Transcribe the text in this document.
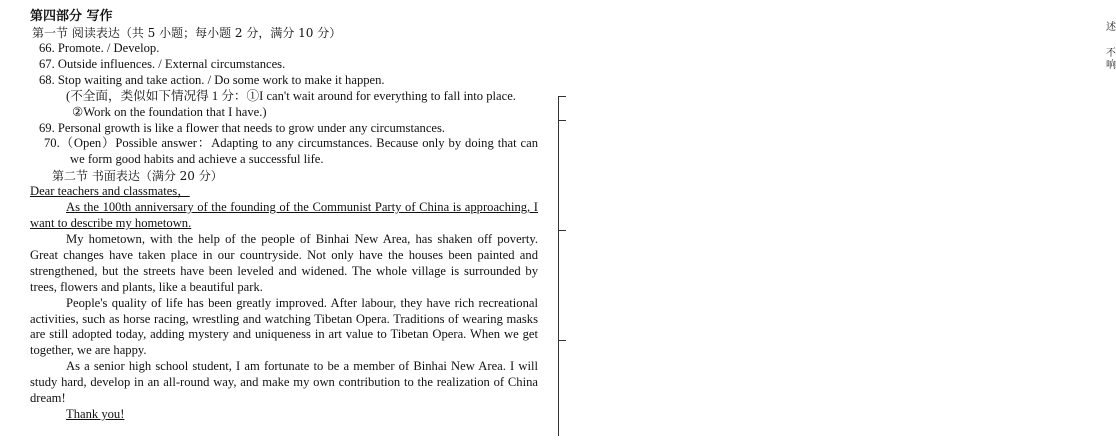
第四部分 写作
第一节 阅读表达（共 5 小题；每小题 2 分，满分 10 分）
66. Promote. / Develop.
67. Outside influences. / External circumstances.
68. Stop waiting and take action. / Do some work to make it happen.
(不全面，类似如下情况得 1 分：①I can't wait around for everything to fall into place. ②Work on the foundation that I have.)
69. Personal growth is like a flower that needs to grow under any circumstances.
70.（Open）Possible answer：Adapting to any circumstances. Because only by doing that can we form good habits and achieve a successful life.
第二节 书面表达（满分 20 分）
Dear teachers and classmates，
As the 100th anniversary of the founding of the Communist Party of China is approaching, I want to describe my hometown.
My hometown, with the help of the people of Binhai New Area, has shaken off poverty. Great changes have taken place in our countryside. Not only have the houses been painted and strengthened, but the streets have been leveled and widened. The whole village is surrounded by trees, flowers and plants, like a beautiful park.
People's quality of life has been greatly improved. After labour, they have rich recreational activities, such as horse racing, wrestling and watching Tibetan Opera. Traditions of wearing masks are still adopted today, adding mystery and uniqueness in art value to Tibetan Opera. When we get together, we are happy.
As a senior high school student, I am fortunate to be a member of Binhai New Area. I will study hard, develop in an all-round way, and make my own contribution to the realization of China dream!
Thank you!
述
不
响
